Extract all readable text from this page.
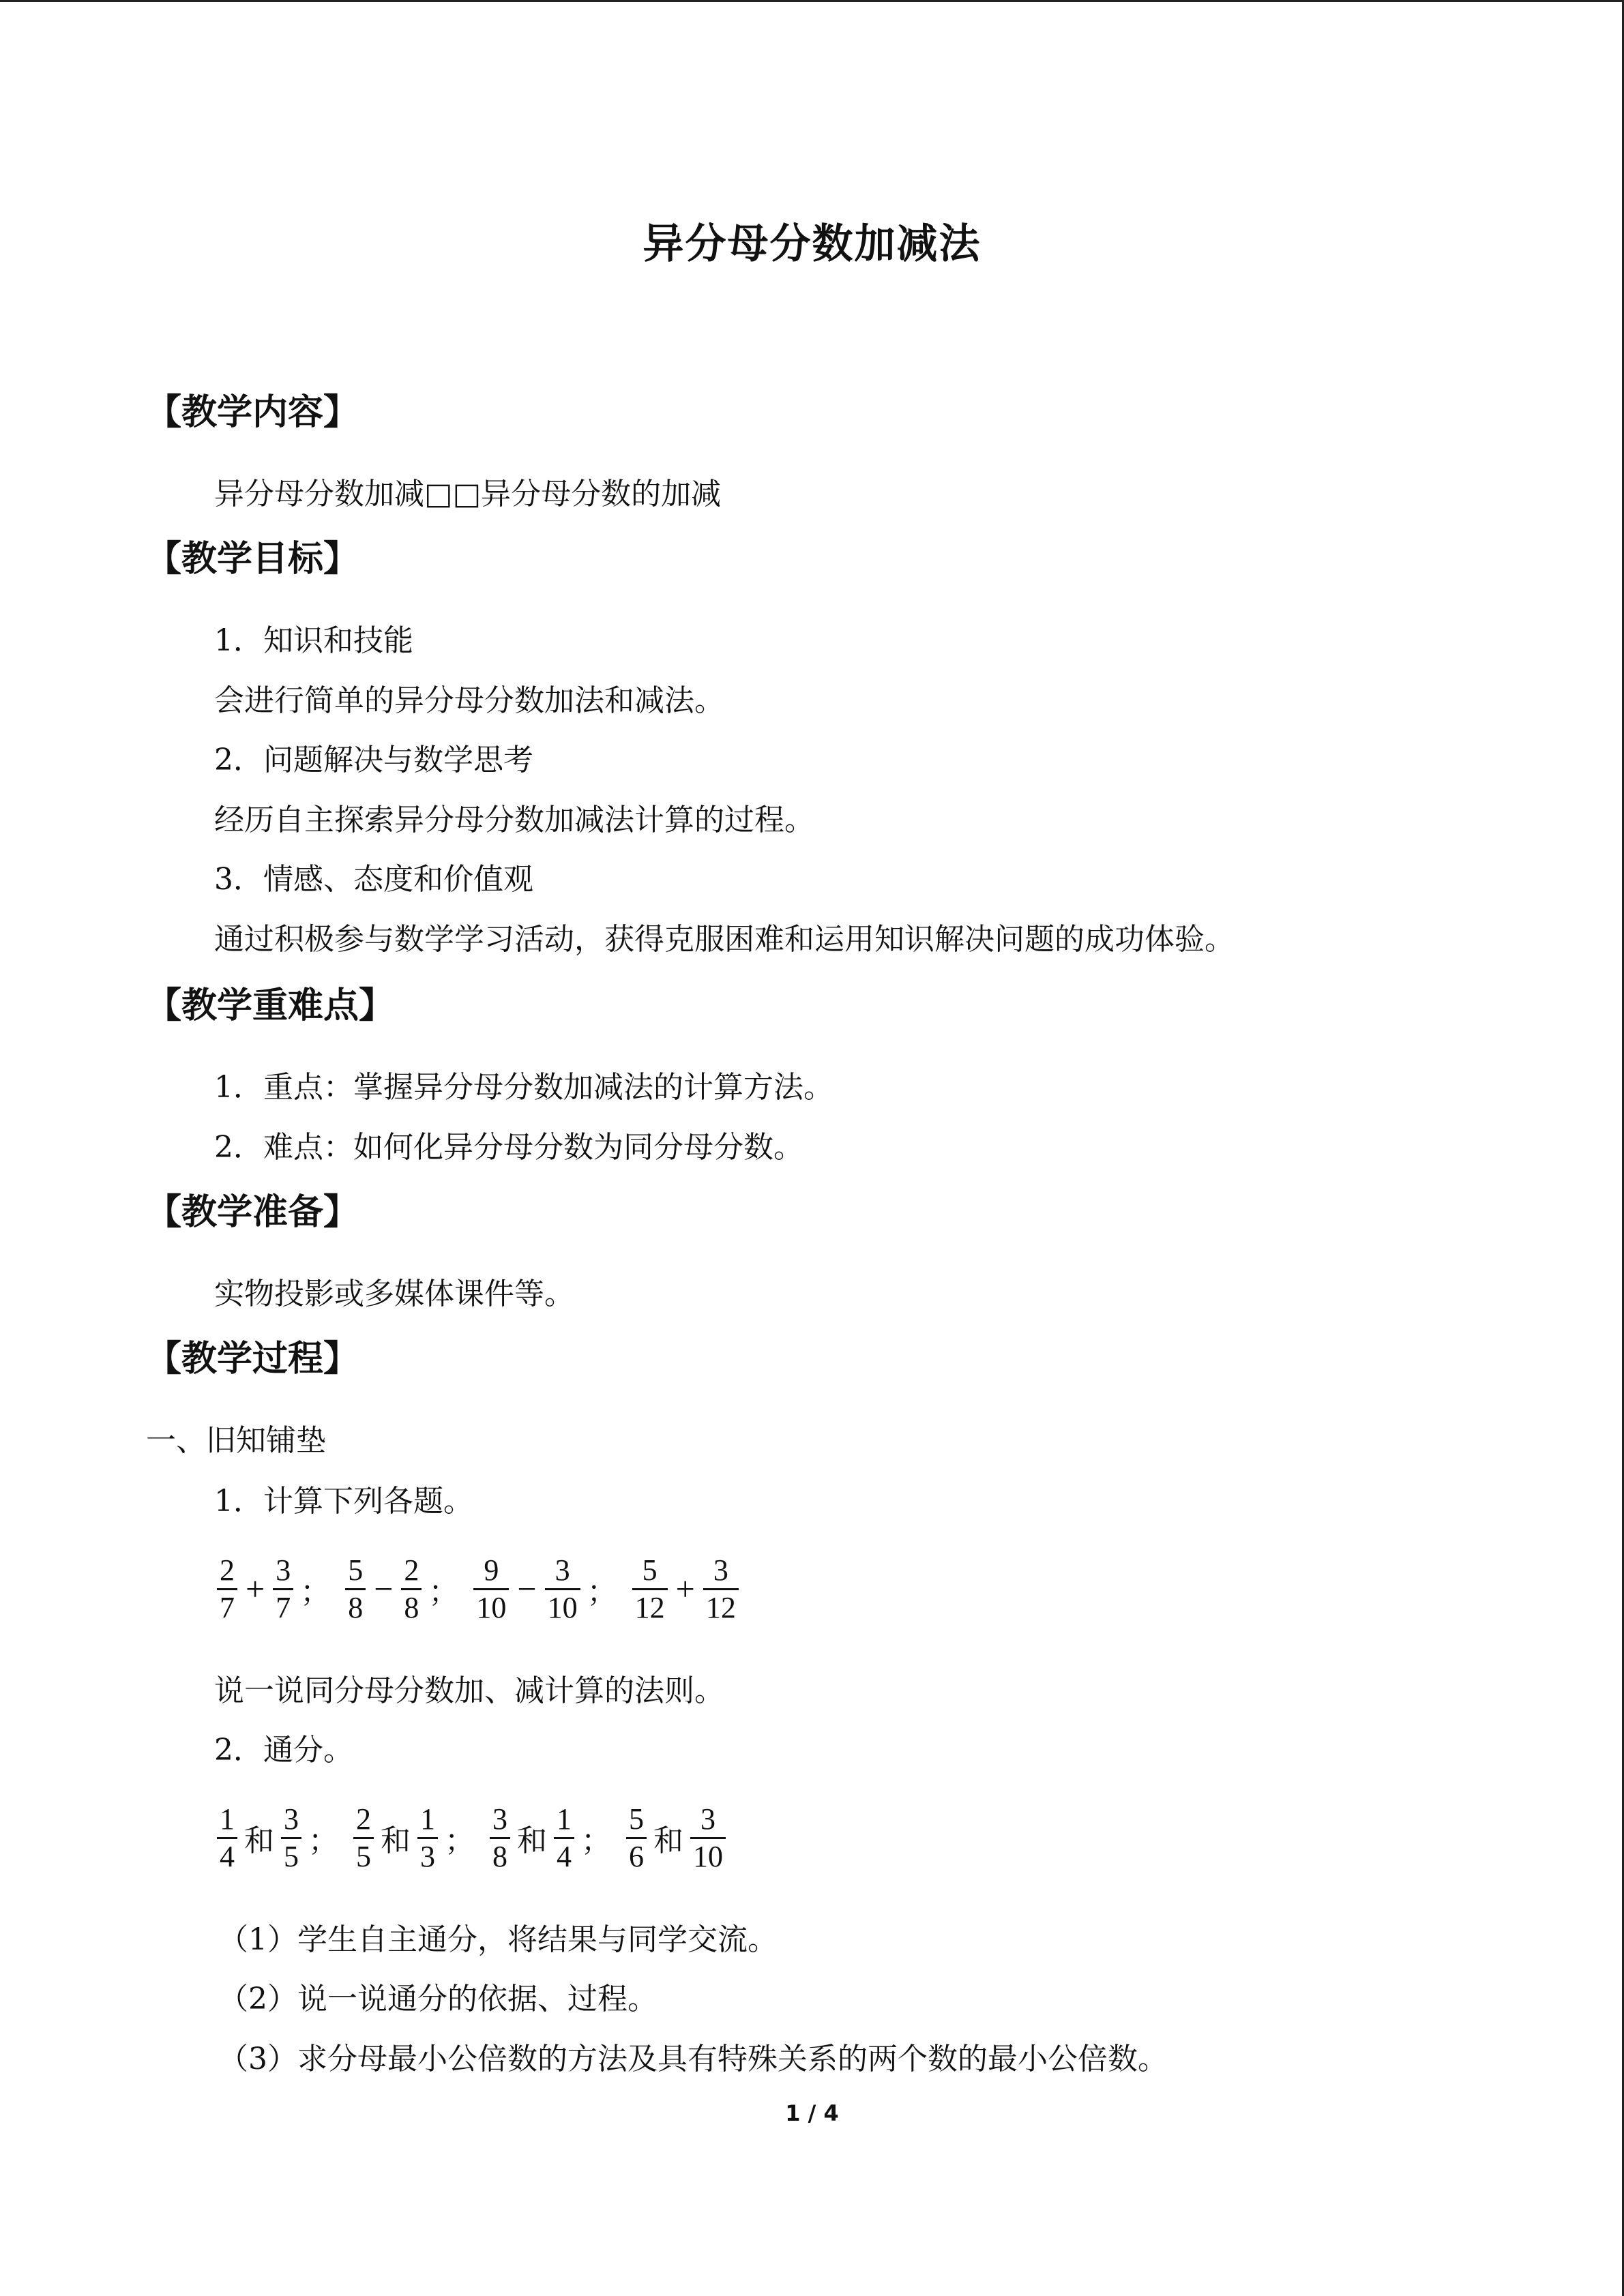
异分母分数加减法
【教学内容】
异分母分数加减□□异分母分数的加减
【教学目标】
1．知识和技能
会进行简单的异分母分数加法和减法。
2．问题解决与数学思考
经历自主探索异分母分数加减法计算的过程。
3．情感、态度和价值观
通过积极参与数学学习活动，获得克服困难和运用知识解决问题的成功体验。
【教学重难点】
1．重点：掌握异分母分数加减法的计算方法。
2．难点：如何化异分母分数为同分母分数。
【教学准备】
实物投影或多媒体课件等。
【教学过程】
一、旧知铺垫
1．计算下列各题。
$\frac{2}{7} + \frac{3}{7}$ ； $\frac{5}{8} - \frac{2}{8}$ ； $\frac{9}{10} - \frac{3}{10}$ ； $\frac{5}{12} + \frac{3}{12}$
说一说同分母分数加、减计算的法则。
2．通分。
$\frac{1}{4}$ 和 $\frac{3}{5}$ ； $\frac{2}{5}$ 和 $\frac{1}{3}$ ； $\frac{3}{8}$ 和 $\frac{1}{4}$ ； $\frac{5}{6}$ 和 $\frac{3}{10}$
（1）学生自主通分，将结果与同学交流。
（2）说一说通分的依据、过程。
（3）求分母最小公倍数的方法及具有特殊关系的两个数的最小公倍数。
1 / 4
